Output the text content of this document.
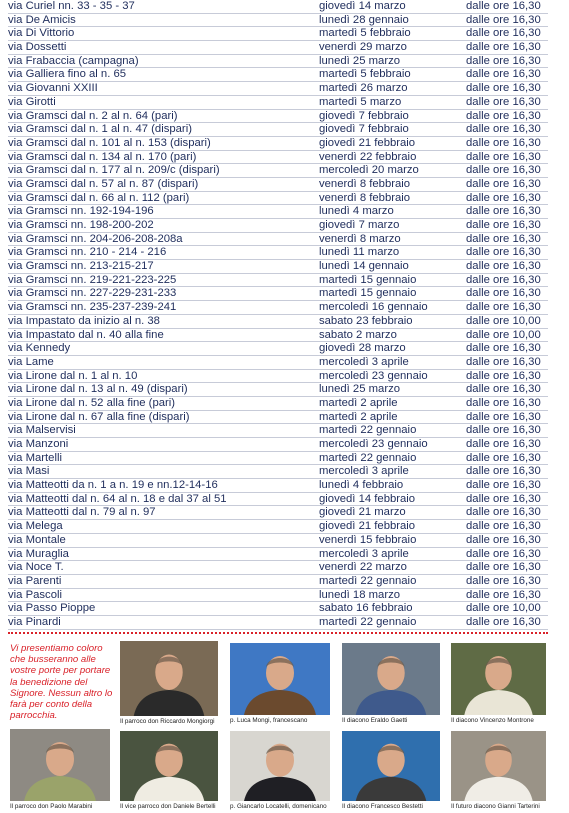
via Curiel nn. 33 - 35 - 37	giovedì 14 marzo	dalle ore 16,30
via De Amicis	lunedì 28 gennaio	dalle ore 16,30
via Di Vittorio	martedì 5 febbraio	dalle ore 16,30
via Dossetti	venerdì 29 marzo	dalle ore 16,30
via Frabaccia (campagna)	lunedì 25 marzo	dalle ore 16,30
via Galliera fino al n. 65	martedì 5 febbraio	dalle ore 16,30
via Giovanni XXIII	martedì 26 marzo	dalle ore 16,30
via Girotti	martedì 5 marzo	dalle ore 16,30
via Gramsci dal n. 2 al n. 64 (pari)	giovedì 7 febbraio	dalle ore 16,30
via Gramsci dal n. 1 al n. 47 (dispari)	giovedì 7 febbraio	dalle ore 16,30
via Gramsci dal n. 101 al n. 153 (dispari)	giovedì 21 febbraio	dalle ore 16,30
via Gramsci dal n. 134 al n. 170 (pari)	venerdì 22 febbraio	dalle ore 16,30
via Gramsci dal n. 177 al n. 209/c (dispari)	mercoledì 20 marzo	dalle ore 16,30
via Gramsci dal n. 57 al n. 87 (dispari)	venerdì 8 febbraio	dalle ore 16,30
via Gramsci dal n. 66 al n. 112 (pari)	venerdì 8 febbraio	dalle ore 16,30
via Gramsci nn. 192-194-196	lunedì 4 marzo	dalle ore 16,30
via Gramsci nn. 198-200-202	giovedì 7 marzo	dalle ore 16,30
via Gramsci nn. 204-206-208-208a	venerdì 8 marzo	dalle ore 16,30
via Gramsci nn. 210 - 214 - 216	lunedì 11 marzo	dalle ore 16,30
via Gramsci nn. 213-215-217	lunedì 14 gennaio	dalle ore 16,30
via Gramsci nn. 219-221-223-225	martedì 15 gennaio	dalle ore 16,30
via Gramsci nn. 227-229-231-233	martedì 15 gennaio	dalle ore 16,30
via Gramsci nn. 235-237-239-241	mercoledì 16 gennaio	dalle ore 16,30
via Impastato da inizio al n. 38	sabato 23 febbraio	dalle ore 10,00
via Impastato dal n. 40 alla fine	sabato 2 marzo	dalle ore 10,00
via Kennedy	giovedì 28 marzo	dalle ore 16,30
via Lame	mercoledì 3 aprile	dalle ore 16,30
via Lirone dal n. 1 al n. 10	mercoledì 23 gennaio	dalle ore 16,30
via Lirone dal n. 13 al n. 49 (dispari)	lunedì 25 marzo	dalle ore 16,30
via Lirone dal n. 52 alla fine (pari)	martedì 2 aprile	dalle ore 16,30
via Lirone dal n. 67 alla fine (dispari)	martedì 2 aprile	dalle ore 16,30
via Malservisi	martedì 22 gennaio	dalle ore 16,30
via Manzoni	mercoledì 23 gennaio	dalle ore 16,30
via Martelli	martedì 22 gennaio	dalle ore 16,30
via Masi	mercoledì 3 aprile	dalle ore 16,30
via Matteotti da n. 1 a n. 19 e nn.12-14-16	lunedì 4 febbraio	dalle ore 16,30
via Matteotti dal n. 64 al n. 18 e dal 37 al 51	giovedì 14 febbraio	dalle ore 16,30
via Matteotti dal n. 79 al n. 97	giovedì 21 marzo	dalle ore 16,30
via Melega	giovedì 21 febbraio	dalle ore 16,30
via Montale	venerdì 15 febbraio	dalle ore 16,30
via Muraglia	mercoledì 3 aprile	dalle ore 16,30
via Noce T.	venerdì 22 marzo	dalle ore 16,30
via Parenti	martedì 22 gennaio	dalle ore 16,30
via Pascoli	lunedì 18 marzo	dalle ore 16,30
via Passo Pioppe	sabato 16 febbraio	dalle ore 10,00
via Pinardi	martedì 22 gennaio	dalle ore 16,30
Vi presentiamo coloro che busseranno alle vostre porte per portare la benedizione del Signore. Nessun altro lo farà per conto della parrocchia.
Il parroco don Riccardo Mongiorgi	p. Luca Mongi, francescano	Il diacono Eraldo Gaetti	Il diacono Vincenzo Montrone
Il parroco don Paolo Marabini	Il vice parroco don Daniele Bertelli	p. Giancarlo Locatelli, domenicano	Il diacono Francesco Bestetti	Il futuro diacono Gianni Tarterini
